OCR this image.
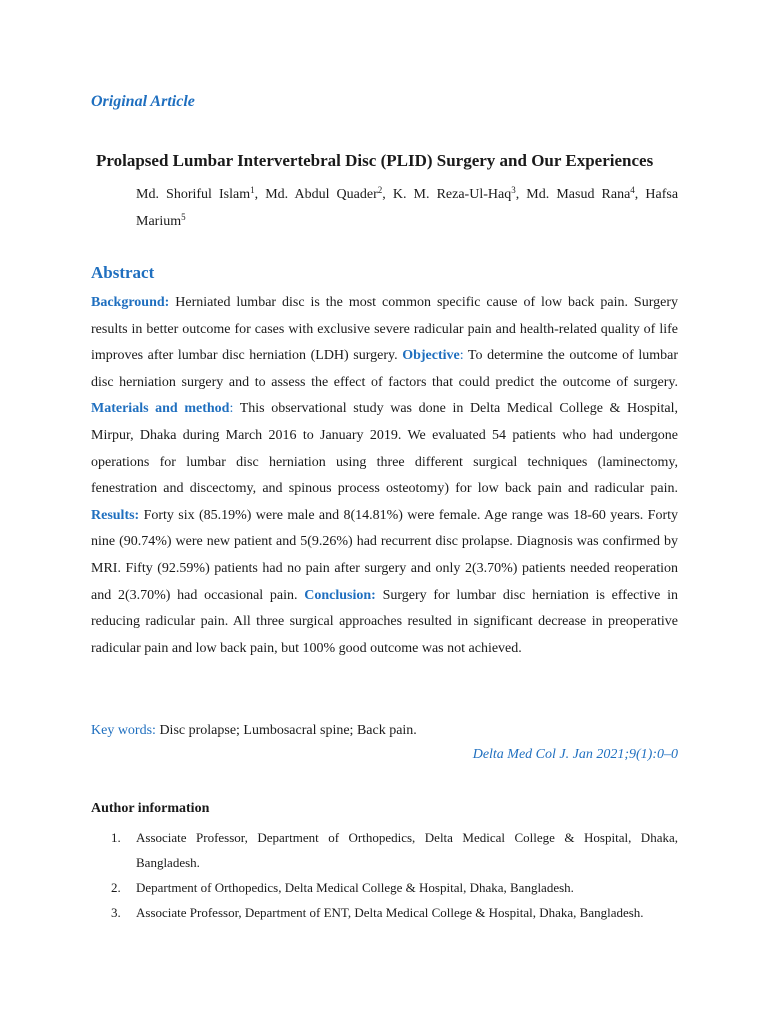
Original Article
Prolapsed Lumbar Intervertebral Disc (PLID) Surgery and Our Experiences
Md. Shoriful Islam$^1$, Md. Abdul Quader$^2$, K. M. Reza-Ul-Haq$^3$, Md. Masud Rana$^4$, Hafsa Marium$^5$
Abstract
Background: Herniated lumbar disc is the most common specific cause of low back pain. Surgery results in better outcome for cases with exclusive severe radicular pain and health-related quality of life improves after lumbar disc herniation (LDH) surgery. Objective: To determine the outcome of lumbar disc herniation surgery and to assess the effect of factors that could predict the outcome of surgery. Materials and method: This observational study was done in Delta Medical College & Hospital, Mirpur, Dhaka during March 2016 to January 2019. We evaluated 54 patients who had undergone operations for lumbar disc herniation using three different surgical techniques (laminectomy, fenestration and discectomy, and spinous process osteotomy) for low back pain and radicular pain. Results: Forty six (85.19%) were male and 8(14.81%) were female. Age range was 18-60 years. Forty nine (90.74%) were new patient and 5(9.26%) had recurrent disc prolapse. Diagnosis was confirmed by MRI. Fifty (92.59%) patients had no pain after surgery and only 2(3.70%) patients needed reoperation and 2(3.70%) had occasional pain. Conclusion: Surgery for lumbar disc herniation is effective in reducing radicular pain. All three surgical approaches resulted in significant decrease in preoperative radicular pain and low back pain, but 100% good outcome was not achieved.
Key words: Disc prolapse; Lumbosacral spine; Back pain.
Delta Med Col J. Jan 2021;9(1):0–0
Author information
1. Associate Professor, Department of Orthopedics, Delta Medical College & Hospital, Dhaka, Bangladesh.
2. Department of Orthopedics, Delta Medical College & Hospital, Dhaka, Bangladesh.
3. Associate Professor, Department of ENT, Delta Medical College & Hospital, Dhaka, Bangladesh.
